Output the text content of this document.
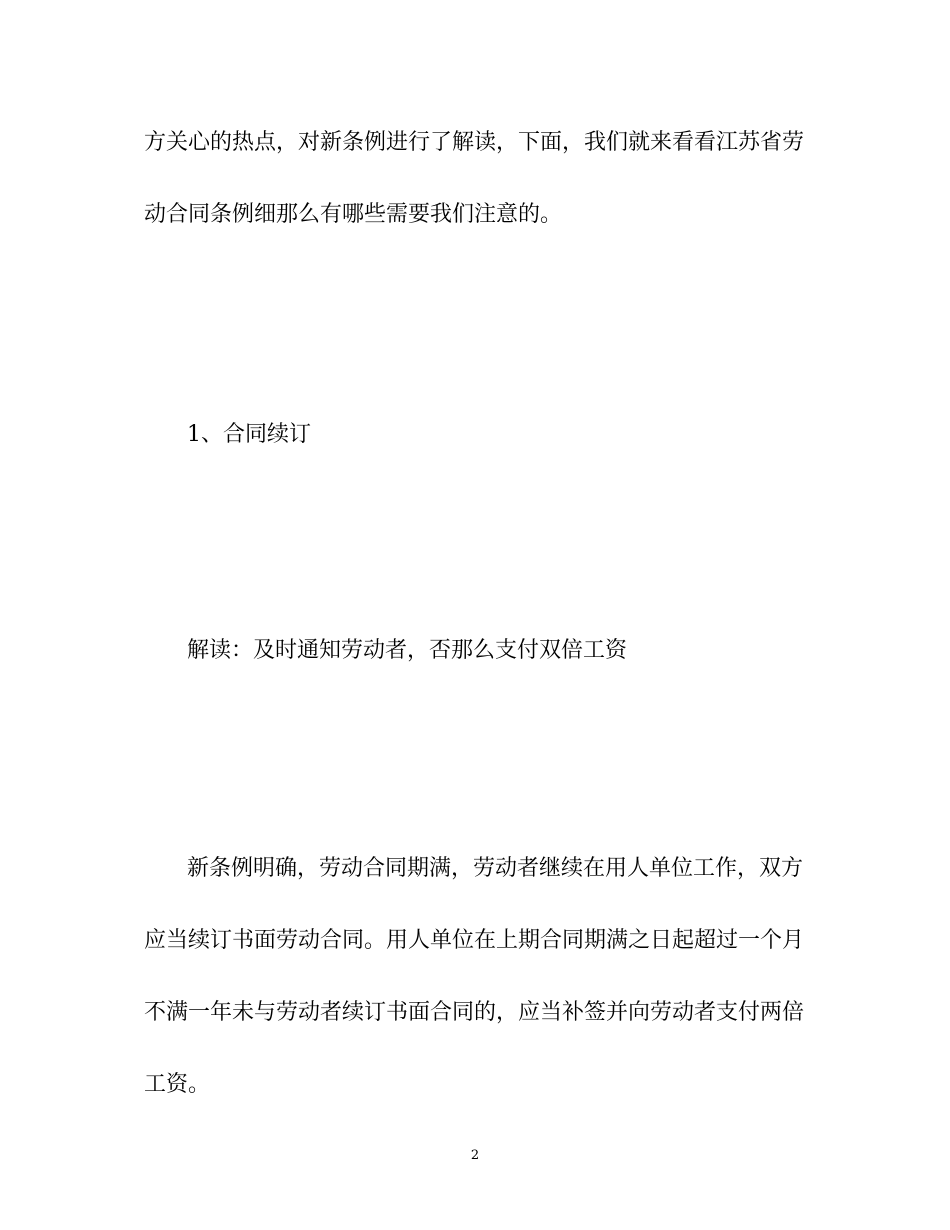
方关心的热点，对新条例进行了解读，下面，我们就来看看江苏省劳

动合同条例细那么有哪些需要我们注意的。

1、合同续订

解读：及时通知劳动者，否那么支付双倍工资

新条例明确，劳动合同期满，劳动者继续在用人单位工作，双方

应当续订书面劳动合同。用人单位在上期合同期满之日起超过一个月

不满一年未与劳动者续订书面合同的，应当补签并向劳动者支付两倍

工资。

2
